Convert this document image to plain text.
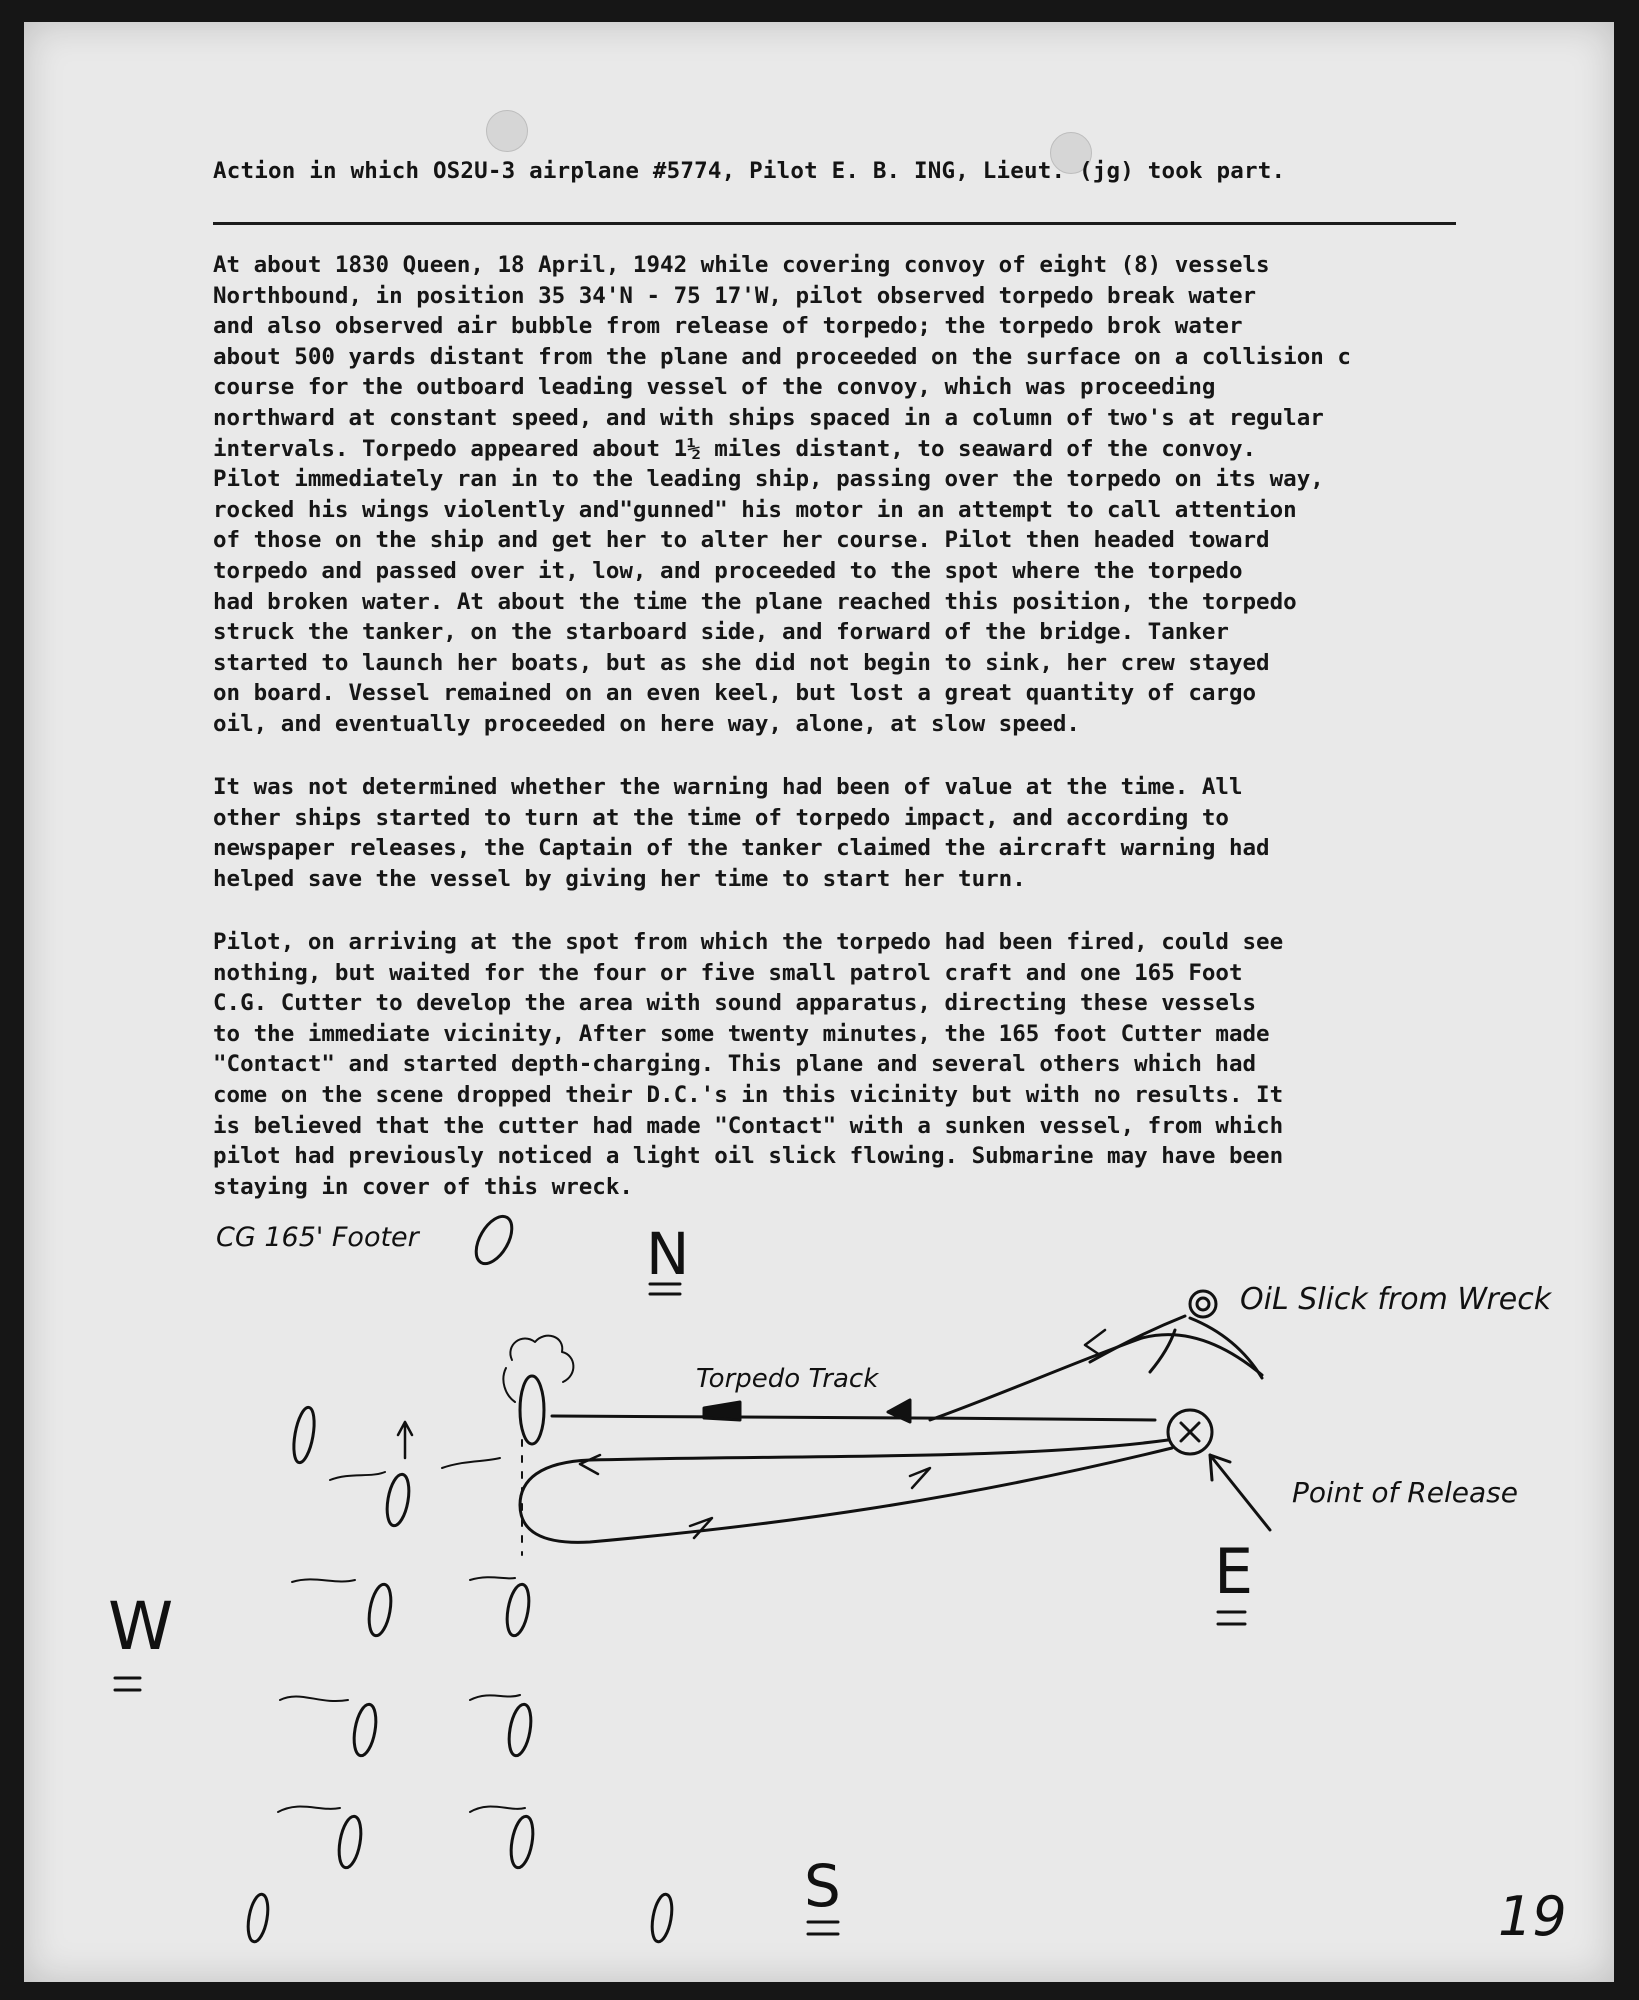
Action in which OS2U-3 airplane #5774, Pilot E. B. ING, Lieut. (jg) took part.
At about 1830 Queen, 18 April, 1942 while covering convoy of eight (8) vessels
Northbound, in position 35 34'N - 75 17'W, pilot observed torpedo break water
and also observed air bubble from release of torpedo; the torpedo brok water
about 500 yards distant from the plane and proceeded on the surface on a collision c
course for the outboard leading vessel of the convoy, which was proceeding
northward at constant speed, and with ships spaced in a column of two's at regular
intervals. Torpedo appeared about 1½ miles distant, to seaward of the convoy.
Pilot immediately ran in to the leading ship, passing over the torpedo on its way,
rocked his wings violently and"gunned" his motor in an attempt to call attention
of those on the ship and get her to alter her course. Pilot then headed toward
torpedo and passed over it, low, and proceeded to the spot where the torpedo
had broken water. At about the time the plane reached this position, the torpedo
struck the tanker, on the starboard side, and forward of the bridge. Tanker
started to launch her boats, but as she did not begin to sink, her crew stayed
on board. Vessel remained on an even keel, but lost a great quantity of cargo
oil, and eventually proceeded on here way, alone, at slow speed.
It was not determined whether the warning had been of value at the time. All
other ships started to turn at the time of torpedo impact, and according to
newspaper releases, the Captain of the tanker claimed the aircraft warning had
helped save the vessel by giving her time to start her turn.
Pilot, on arriving at the spot from which the torpedo had been fired, could see
nothing, but waited for the four or five small patrol craft and one 165 Foot
C.G. Cutter to develop the area with sound apparatus, directing these vessels
to the immediate vicinity, After some twenty minutes, the 165 foot Cutter made
"Contact" and started depth-charging. This plane and several others which had
come on the scene dropped their D.C.'s in this vicinity but with no results. It
is believed that the cutter had made "Contact" with a sunken vessel, from which
pilot had previously noticed a light oil slick flowing. Submarine may have been
staying in cover of this wreck.
CG 165' Footer	N
OiL Slick from Wreck
Torpedo Track
Point of Release
E
W
S	19
